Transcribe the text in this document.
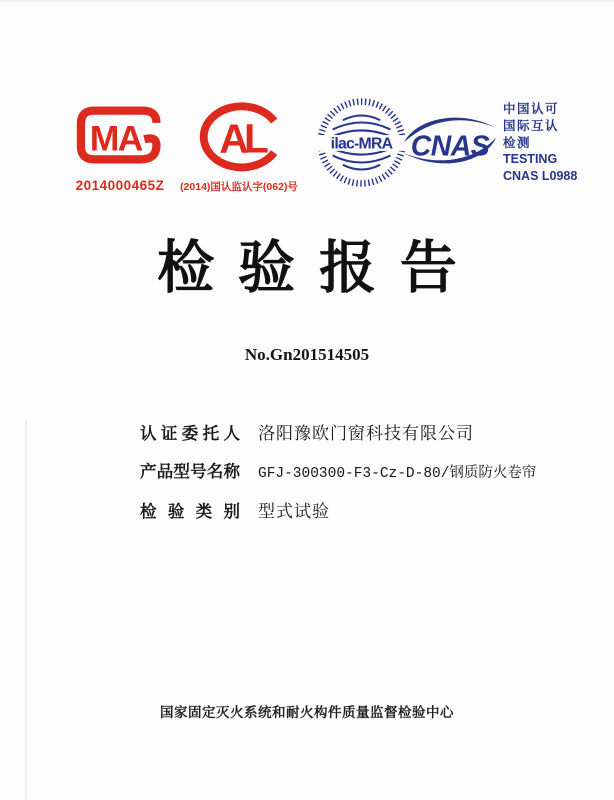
MA
2014000465Z
AL
(2014)国认监认字(062)号
ilac-MRA CNAS
中国认可
国际互认
检测
TESTING
CNAS L0988
检验报告
No.Gn201514505
认证委托人 洛阳豫欧门窗科技有限公司
产品型号名称 GFJ-300300-F3-Cz-D-80/钢质防火卷帘
检验类别 型式试验
国家固定灭火系统和耐火构件质量监督检验中心
